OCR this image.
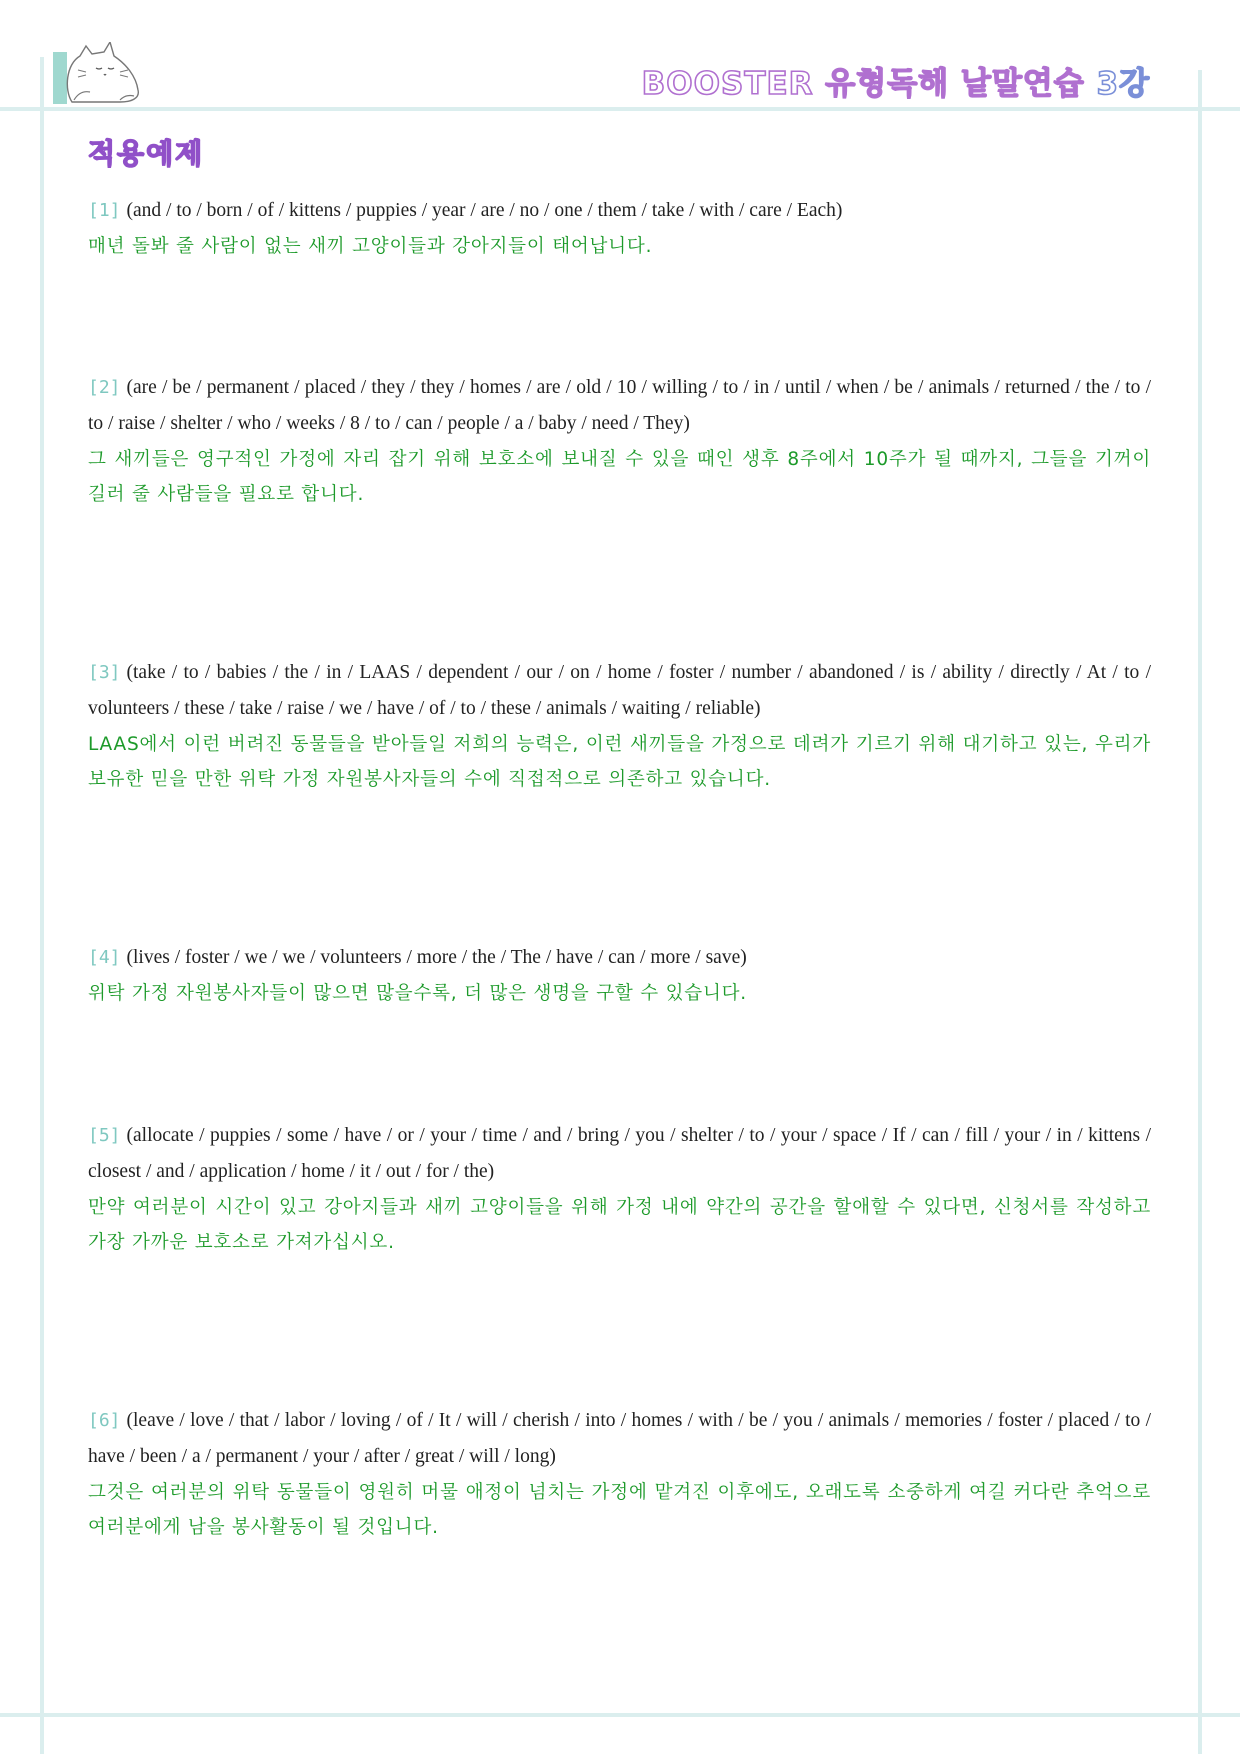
BOOSTER 유형독해 낱말연습 3강
적용예제
[1] (and / to / born / of / kittens / puppies / year / are / no / one / them / take / with / care / Each)
매년 돌봐 줄 사람이 없는 새끼 고양이들과 강아지들이 태어납니다.
[2] (are / be / permanent / placed / they / they / homes / are / old / 10 / willing / to / in / until / when / be / animals / returned / the / to / to / raise / shelter / who / weeks / 8 / to / can / people / a / baby / need / They)
그 새끼들은 영구적인 가정에 자리 잡기 위해 보호소에 보내질 수 있을 때인 생후 8주에서 10주가 될 때까지, 그들을 기꺼이 길러 줄 사람들을 필요로 합니다.
[3] (take / to / babies / the / in / LAAS / dependent / our / on / home / foster / number / abandoned / is / ability / directly / At / to / volunteers / these / take / raise / we / have / of / to / these / animals / waiting / reliable)
LAAS에서 이런 버려진 동물들을 받아들일 저희의 능력은, 이런 새끼들을 가정으로 데려가 기르기 위해 대기하고 있는, 우리가 보유한 믿을 만한 위탁 가정 자원봉사자들의 수에 직접적으로 의존하고 있습니다.
[4] (lives / foster / we / we / volunteers / more / the / The / have / can / more / save)
위탁 가정 자원봉사자들이 많으면 많을수록, 더 많은 생명을 구할 수 있습니다.
[5] (allocate / puppies / some / have / or / your / time / and / bring / you / shelter / to / your / space / If / can / fill / your / in / kittens / closest / and / application / home / it / out / for / the)
만약 여러분이 시간이 있고 강아지들과 새끼 고양이들을 위해 가정 내에 약간의 공간을 할애할 수 있다면, 신청서를 작성하고 가장 가까운 보호소로 가져가십시오.
[6] (leave / love / that / labor / loving / of / It / will / cherish / into / homes / with / be / you / animals / memories / foster / placed / to / have / been / a / permanent / your / after / great / will / long)
그것은 여러분의 위탁 동물들이 영원히 머물 애정이 넘치는 가정에 맡겨진 이후에도, 오래도록 소중하게 여길 커다란 추억으로 여러분에게 남을 봉사활동이 될 것입니다.
